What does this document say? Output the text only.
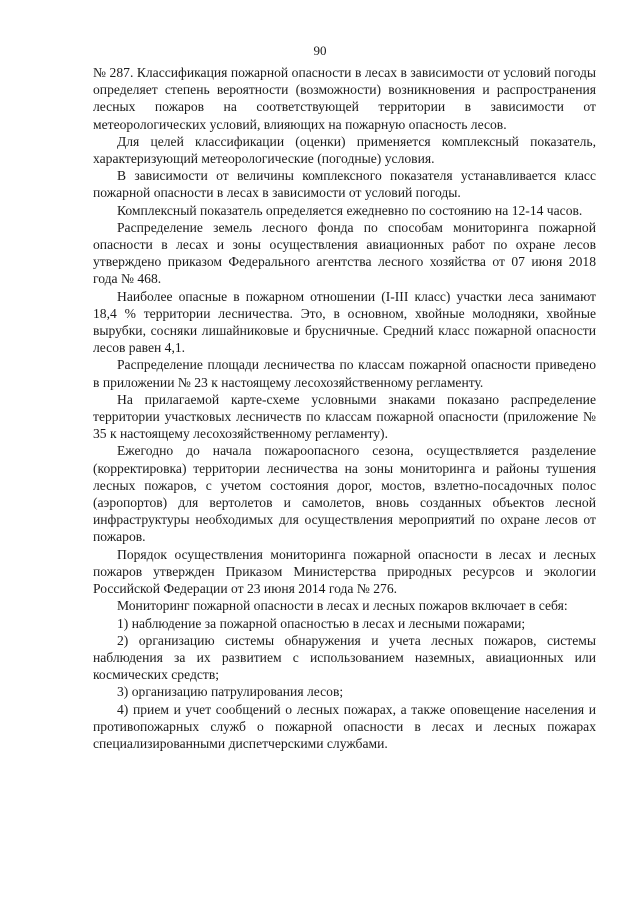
90

№ 287. Классификация пожарной опасности в лесах в зависимости от условий погоды определяет степень вероятности (возможности) возникновения и распространения лесных пожаров на соответствующей территории в зависимости от метеорологических условий, влияющих на пожарную опасность лесов.

Для целей классификации (оценки) применяется комплексный показатель, характеризующий метеорологические (погодные) условия.

В зависимости от величины комплексного показателя устанавливается класс пожарной опасности в лесах в зависимости от условий погоды.

Комплексный показатель определяется ежедневно по состоянию на 12-14 часов.

Распределение земель лесного фонда по способам мониторинга пожарной опасности в лесах и зоны осуществления авиационных работ по охране лесов утверждено приказом Федерального агентства лесного хозяйства от 07 июня 2018 года № 468.

Наиболее опасные в пожарном отношении (I-III класс) участки леса занимают 18,4 % территории лесничества. Это, в основном, хвойные молодняки, хвойные вырубки, сосняки лишайниковые и брусничные. Средний класс пожарной опасности лесов равен 4,1.

Распределение площади лесничества по классам пожарной опасности приведено в приложении № 23 к настоящему лесохозяйственному регламенту.

На прилагаемой карте-схеме условными знаками показано распределение территории участковых лесничеств по классам пожарной опасности (приложение № 35 к настоящему лесохозяйственному регламенту).

Ежегодно до начала пожароопасного сезона, осуществляется разделение (корректировка) территории лесничества на зоны мониторинга и районы тушения лесных пожаров, с учетом состояния дорог, мостов, взлетно-посадочных полос (аэропортов) для вертолетов и самолетов, вновь созданных объектов лесной инфраструктуры необходимых для осуществления мероприятий по охране лесов от пожаров.

Порядок осуществления мониторинга пожарной опасности в лесах и лесных пожаров утвержден Приказом Министерства природных ресурсов и экологии Российской Федерации от 23 июня 2014 года № 276.

Мониторинг пожарной опасности в лесах и лесных пожаров включает в себя:

1) наблюдение за пожарной опасностью в лесах и лесными пожарами;

2) организацию системы обнаружения и учета лесных пожаров, системы наблюдения за их развитием с использованием наземных, авиационных или космических средств;

3) организацию патрулирования лесов;

4) прием и учет сообщений о лесных пожарах, а также оповещение населения и противопожарных служб о пожарной опасности в лесах и лесных пожарах специализированными диспетчерскими службами.
